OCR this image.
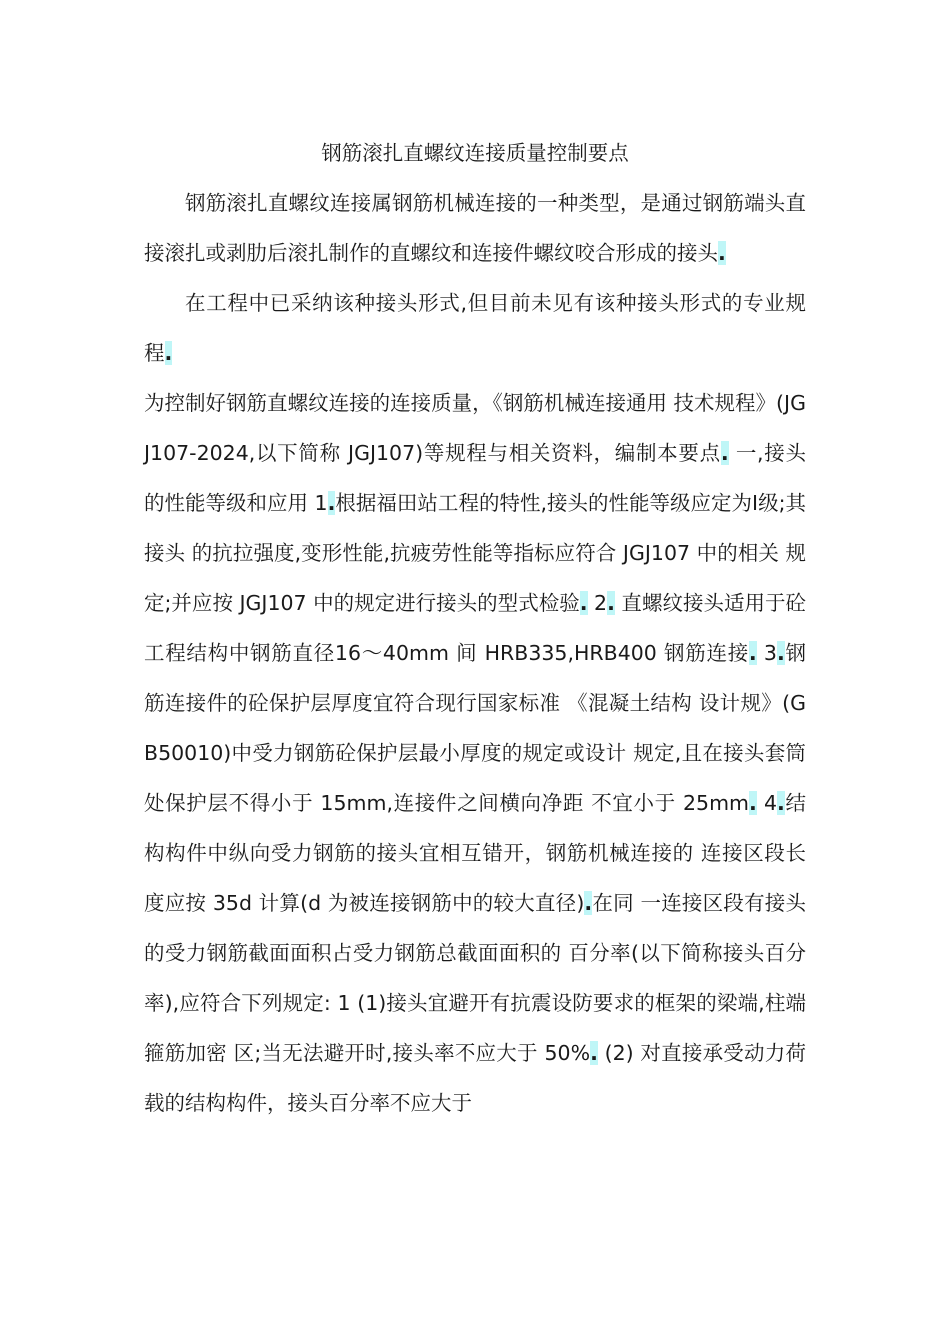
钢筋滚扎直螺纹连接质量控制要点

钢筋滚扎直螺纹连接属钢筋机械连接的一种类型，是通过钢筋端头直接滚扎或剥肋后滚扎制作的直螺纹和连接件螺纹咬合形成的接头.

在工程中已采纳该种接头形式,但目前未见有该种接头形式的专业规程.

为控制好钢筋直螺纹连接的连接质量，《钢筋机械连接通用 技术规程》(JGJ107-2024,以下简称 JGJ107)等规程与相关资料，编制本要点. 一,接头的性能等级和应用 1.根据福田站工程的特性,接头的性能等级应定为Ⅰ级;其接头 的抗拉强度,变形性能,抗疲劳性能等指标应符合 JGJ107 中的相关 规定;并应按 JGJ107 中的规定进行接头的型式检验. 2. 直螺纹接头适用于砼工程结构中钢筋直径16～40mm 间 HRB335,HRB400 钢筋连接. 3.钢筋连接件的砼保护层厚度宜符合现行国家标准 《混凝土结构 设计规》(GB50010)中受力钢筋砼保护层最小厚度的规定或设计 规定,且在接头套筒处保护层不得小于 15mm,连接件之间横向净距 不宜小于 25mm. 4.结构构件中纵向受力钢筋的接头宜相互错开，钢筋机械连接的 连接区段长度应按 35d 计算(d 为被连接钢筋中的较大直径).在同 一连接区段有接头的受力钢筋截面面积占受力钢筋总截面面积的 百分率(以下简称接头百分率),应符合下列规定: 1 (1)接头宜避开有抗震设防要求的框架的梁端,柱端箍筋加密 区;当无法避开时,接头率不应大于 50%. (2) 对直接承受动力荷载的结构构件，接头百分率不应大于
